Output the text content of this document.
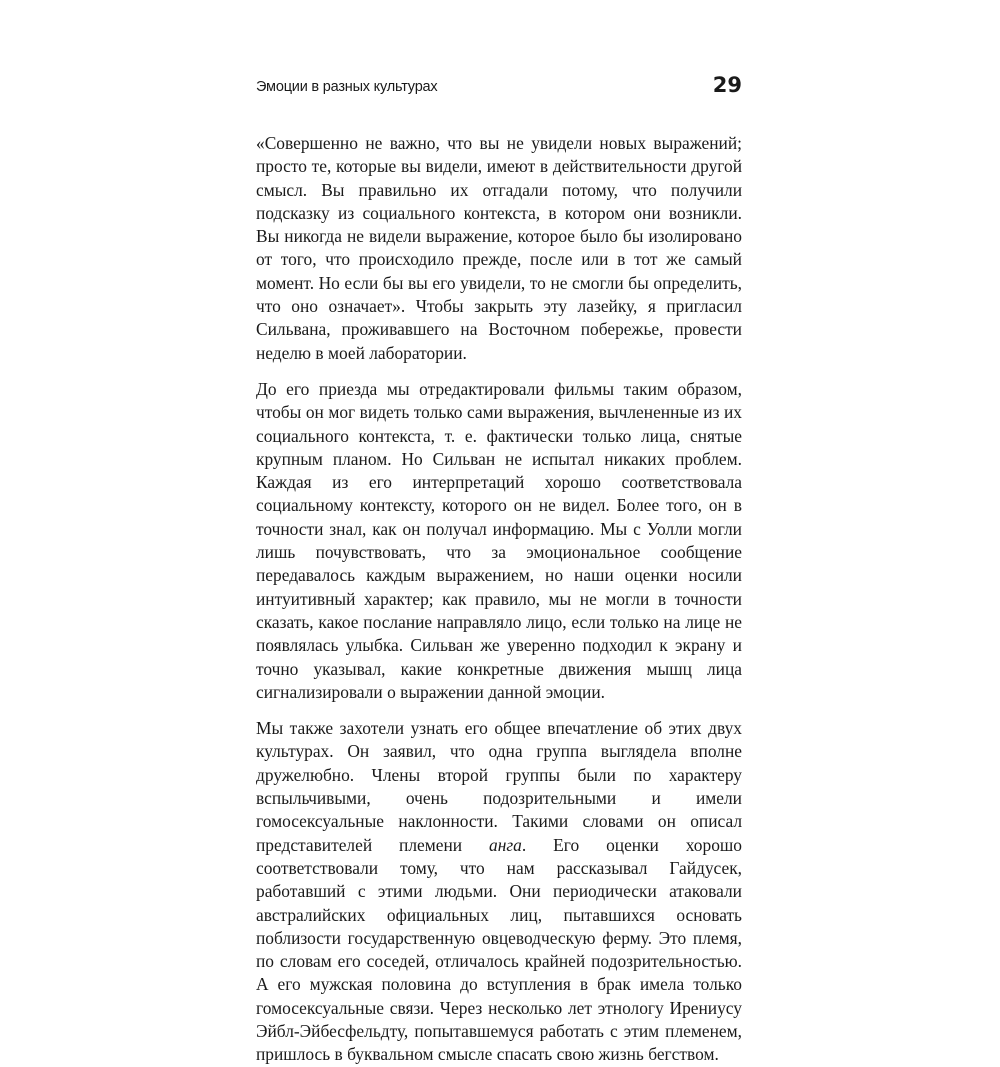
Эмоции в разных культурах	29

«Совершенно не важно, что вы не увидели новых выражений; просто те, которые вы видели, имеют в действительности другой смысл. Вы правильно их отгадали потому, что получили подсказку из социального контекста, в котором они возникли. Вы никогда не видели выражение, которое было бы изолировано от того, что происходило прежде, после или в тот же самый момент. Но если бы вы его увидели, то не смогли бы определить, что оно означает». Чтобы закрыть эту лазейку, я пригласил Сильвана, проживавшего на Восточном побережье, провести неделю в моей лаборатории.

До его приезда мы отредактировали фильмы таким образом, чтобы он мог видеть только сами выражения, вычлененные из их социального контекста, т. е. фактически только лица, снятые крупным планом. Но Сильван не испытал никаких проблем. Каждая из его интерпретаций хорошо соответствовала социальному контексту, которого он не видел. Более того, он в точности знал, как он получал информацию. Мы с Уолли могли лишь почувствовать, что за эмоциональное сообщение передавалось каждым выражением, но наши оценки носили интуитивный характер; как правило, мы не могли в точности сказать, какое послание направляло лицо, если только на лице не появлялась улыбка. Сильван же уверенно подходил к экрану и точно указывал, какие конкретные движения мышц лица сигнализировали о выражении данной эмоции.

Мы также захотели узнать его общее впечатление об этих двух культурах. Он заявил, что одна группа выглядела вполне дружелюбно. Члены второй группы были по характеру вспыльчивыми, очень подозрительными и имели гомосексуальные наклонности. Такими словами он описал представителей племени анга. Его оценки хорошо соответствовали тому, что нам рассказывал Гайдусек, работавший с этими людьми. Они периодически атаковали австралийских официальных лиц, пытавшихся основать поблизости государственную овцеводческую ферму. Это племя, по словам его соседей, отличалось крайней подозрительностью. А его мужская половина до вступления в брак имела только гомосексуальные связи. Через несколько лет этнологу Ирениусу Эйбл-Эйбесфельдту, попытавшемуся работать с этим племенем, пришлось в буквальном смысле спасать свою жизнь бегством.
